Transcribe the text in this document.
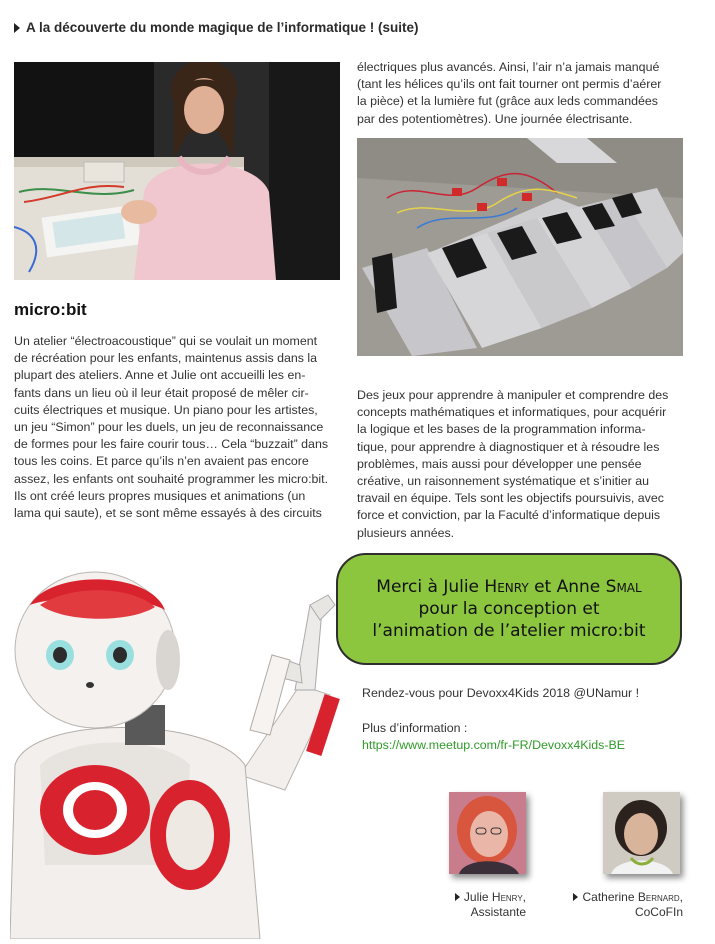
A la découverte du monde magique de l’informatique ! (suite)
micro:bit
Un atelier “électroacoustique” qui se voulait un moment
de récréation pour les enfants, maintenus assis dans la
plupart des ateliers. Anne et Julie ont accueilli les en-
fants dans un lieu où il leur était proposé de mêler cir-
cuits électriques et musique. Un piano pour les artistes,
un jeu “Simon” pour les duels, un jeu de reconnaissance
de formes pour les faire courir tous… Cela “buzzait” dans
tous les coins. Et parce qu’ils n’en avaient pas encore
assez, les enfants ont souhaité programmer les micro:bit.
Ils ont créé leurs propres musiques et animations (un
lama qui saute), et se sont même essayés à des circuits
électriques plus avancés. Ainsi, l’air n’a jamais manqué
(tant les hélices qu’ils ont fait tourner ont permis d’aérer
la pièce) et la lumière fut (grâce aux leds commandées
par des potentiomètres). Une journée électrisante.
Des jeux pour apprendre à manipuler et comprendre des
concepts mathématiques et informatiques, pour acquérir
la logique et les bases de la programmation informa-
tique, pour apprendre à diagnostiquer et à résoudre les
problèmes, mais aussi pour développer une pensée
créative, un raisonnement systématique et s’initier au
travail en équipe. Tels sont les objectifs poursuivis, avec
force et conviction, par la Faculté d’informatique depuis
plusieurs années.
Merci à Julie Henry et Anne Smal
pour la conception et
l’animation de l’atelier micro:bit
Rendez-vous pour Devoxx4Kids 2018 @UNamur !
Plus d’information :
https://www.meetup.com/fr-FR/Devoxx4Kids-BE
Julie Henry,
Assistante
Catherine Bernard,
CoCoFIn
